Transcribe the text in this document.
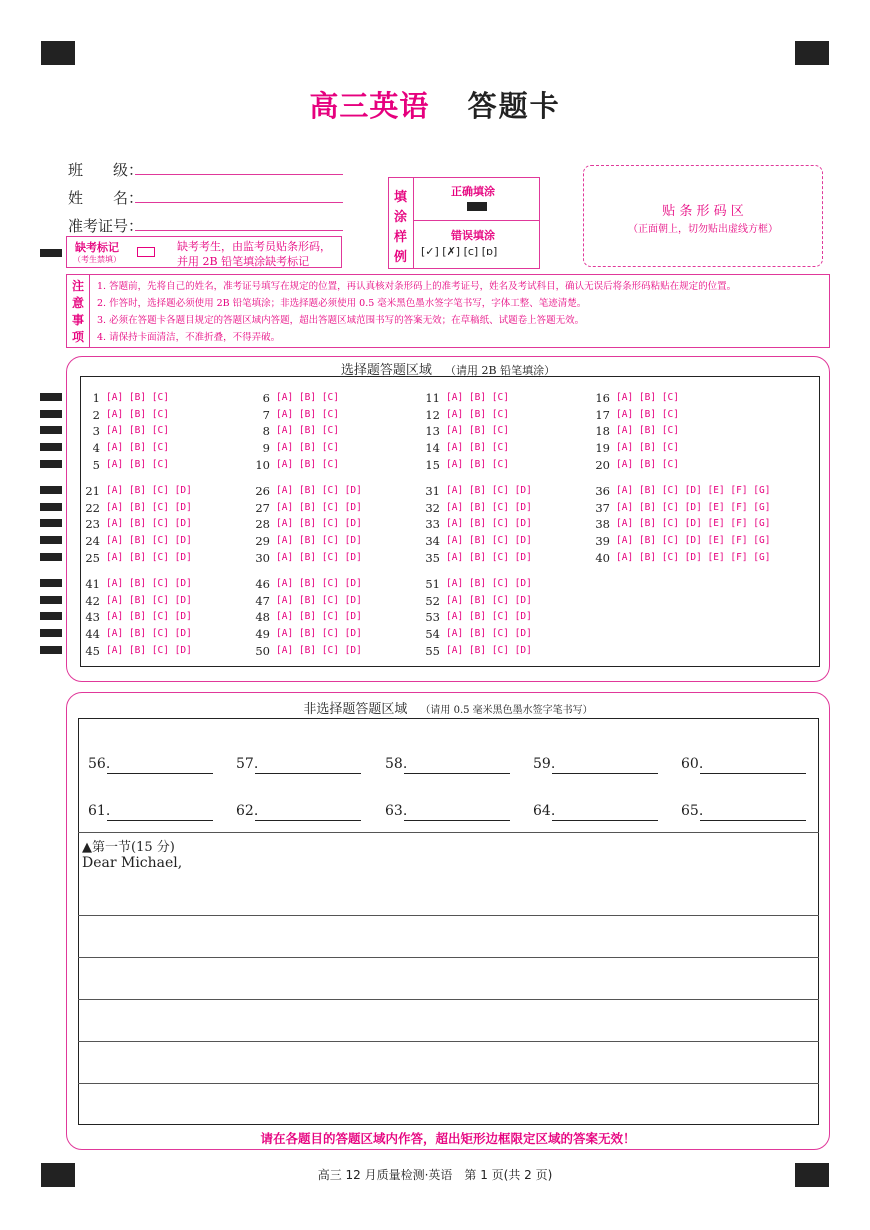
高三英语 答题卡
班　　级：
姓　　名：
准考证号：
缺考标记
（考生禁填）
缺考考生，由监考员贴条形码，
并用 2B 铅笔填涂缺考标记
填
涂
样
例
正确填涂
错误填涂
[✓] [✗] [c] [ɒ]
贴 条 形 码 区
（正面朝上，切勿贴出虚线方框）
注
意
事
项
1. 答题前，先将自己的姓名，准考证号填写在规定的位置，再认真核对条形码上的准考证号，姓名及考试科目，确认无误后将条形码粘贴在规定的位置。
2. 作答时，选择题必须使用 2B 铅笔填涂；非选择题必须使用 0.5 毫米黑色墨水签字笔书写，字体工整、笔迹清楚。
3. 必须在答题卡各题目规定的答题区域内答题，超出答题区域范围书写的答案无效；在草稿纸、试题卷上答题无效。
4. 请保持卡面清洁，不准折叠，不得弄破。
选择题答题区域 （请用 2B 铅笔填涂）
1 [A] [B] [C]
2 [A] [B] [C]
3 [A] [B] [C]
4 [A] [B] [C]
5 [A] [B] [C]
6 [A] [B] [C]
7 [A] [B] [C]
8 [A] [B] [C]
9 [A] [B] [C]
10 [A] [B] [C]
11 [A] [B] [C]
12 [A] [B] [C]
13 [A] [B] [C]
14 [A] [B] [C]
15 [A] [B] [C]
16 [A] [B] [C]
17 [A] [B] [C]
18 [A] [B] [C]
19 [A] [B] [C]
20 [A] [B] [C]
21 [A] [B] [C] [D]
22 [A] [B] [C] [D]
23 [A] [B] [C] [D]
24 [A] [B] [C] [D]
25 [A] [B] [C] [D]
26 [A] [B] [C] [D]
27 [A] [B] [C] [D]
28 [A] [B] [C] [D]
29 [A] [B] [C] [D]
30 [A] [B] [C] [D]
31 [A] [B] [C] [D]
32 [A] [B] [C] [D]
33 [A] [B] [C] [D]
34 [A] [B] [C] [D]
35 [A] [B] [C] [D]
36 [A] [B] [C] [D] [E] [F] [G]
37 [A] [B] [C] [D] [E] [F] [G]
38 [A] [B] [C] [D] [E] [F] [G]
39 [A] [B] [C] [D] [E] [F] [G]
40 [A] [B] [C] [D] [E] [F] [G]
41 [A] [B] [C] [D]
42 [A] [B] [C] [D]
43 [A] [B] [C] [D]
44 [A] [B] [C] [D]
45 [A] [B] [C] [D]
46 [A] [B] [C] [D]
47 [A] [B] [C] [D]
48 [A] [B] [C] [D]
49 [A] [B] [C] [D]
50 [A] [B] [C] [D]
51 [A] [B] [C] [D]
52 [A] [B] [C] [D]
53 [A] [B] [C] [D]
54 [A] [B] [C] [D]
55 [A] [B] [C] [D]
非选择题答题区域 （请用 0.5 毫米黑色墨水签字笔书写）
56.	57.	58.	59.	60.
61.	62.	63.	64.	65.
▲第一节(15 分)
Dear Michael,
请在各题目的答题区域内作答，超出矩形边框限定区域的答案无效！
高三 12 月质量检测·英语　第 1 页(共 2 页)
